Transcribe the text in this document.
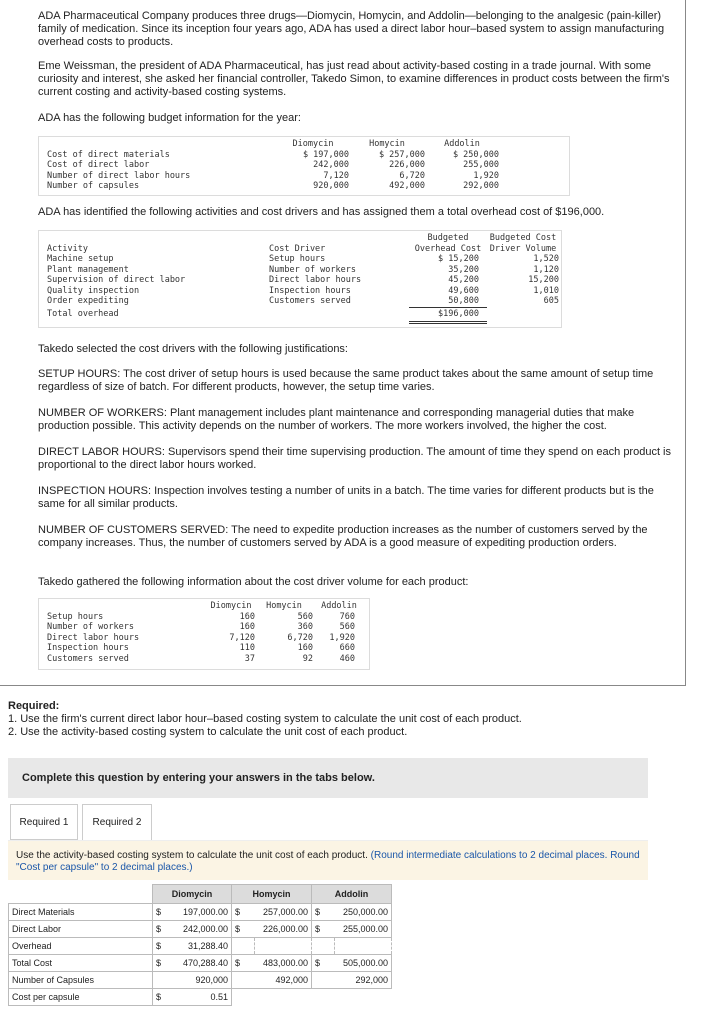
ADA Pharmaceutical Company produces three drugs—Diomycin, Homycin, and Addolin—belonging to the analgesic (pain-killer) family of medication. Since its inception four years ago, ADA has used a direct labor hour–based system to assign manufacturing overhead costs to products.
Eme Weissman, the president of ADA Pharmaceutical, has just read about activity-based costing in a trade journal. With some curiosity and interest, she asked her financial controller, Takedo Simon, to examine differences in product costs between the firm's current costing and activity-based costing systems.
ADA has the following budget information for the year:
	Diomycin	Homycin	Addolin
Cost of direct materials	$ 197,000	$ 257,000	$ 250,000
Cost of direct labor	242,000	226,000	255,000
Number of direct labor hours	7,120	6,720	1,920
Number of capsules	920,000	492,000	292,000
ADA has identified the following activities and cost drivers and has assigned them a total overhead cost of $196,000.
		Budgeted	Budgeted Cost
Activity	Cost Driver	Overhead Cost	Driver Volume
Machine setup	Setup hours	$ 15,200	1,520
Plant management	Number of workers	35,200	1,120
Supervision of direct labor	Direct labor hours	45,200	15,200
Quality inspection	Inspection hours	49,600	1,010
Order expediting	Customers served	50,800	605
Total overhead		$196,000	
Takedo selected the cost drivers with the following justifications:
SETUP HOURS: The cost driver of setup hours is used because the same product takes about the same amount of setup time regardless of size of batch. For different products, however, the setup time varies.
NUMBER OF WORKERS: Plant management includes plant maintenance and corresponding managerial duties that make production possible. This activity depends on the number of workers. The more workers involved, the higher the cost.
DIRECT LABOR HOURS: Supervisors spend their time supervising production. The amount of time they spend on each product is proportional to the direct labor hours worked.
INSPECTION HOURS: Inspection involves testing a number of units in a batch. The time varies for different products but is the same for all similar products.
NUMBER OF CUSTOMERS SERVED: The need to expedite production increases as the number of customers served by the company increases. Thus, the number of customers served by ADA is a good measure of expediting production orders.
Takedo gathered the following information about the cost driver volume for each product:
	Diomycin	Homycin	Addolin
Setup hours	160	560	760
Number of workers	160	360	560
Direct labor hours	7,120	6,720	1,920
Inspection hours	110	160	660
Customers served	37	92	460
Required:
1. Use the firm's current direct labor hour–based costing system to calculate the unit cost of each product.
2. Use the activity-based costing system to calculate the unit cost of each product.
Complete this question by entering your answers in the tabs below.
Required 1	Required 2
Use the activity-based costing system to calculate the unit cost of each product. (Round intermediate calculations to 2 decimal places. Round "Cost per capsule" to 2 decimal places.)
	Diomycin		Homycin		Addolin	
Direct Materials	$	197,000.00	$	257,000.00	$	250,000.00
Direct Labor	$	242,000.00	$	226,000.00	$	255,000.00
Overhead	$	31,288.40				
Total Cost	$	470,288.40	$	483,000.00	$	505,000.00
Number of Capsules		920,000		492,000		292,000
Cost per capsule	$	0.51				
